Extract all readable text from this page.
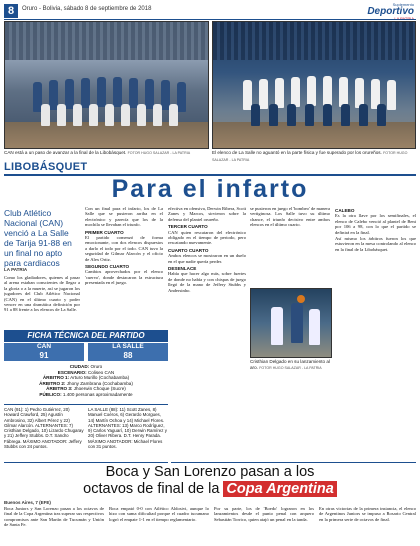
8	Oruro - Bolivia, sábado 8 de septiembre de 2018
Suplemento
Deportivo
CAN está a un paso de avanzar a la final de la Libobásquet. FOTOR HUGO SALAZAR - LA PATRIA	El elenco de La Salle no aguantó en la parte física y fue superado por los orureños. FOTOR HUGO SALAZAR - LA PATRIA
LIBOBÁSQUET
Para el infarto
Club Atlético Nacional (CAN) venció a La Salle de Tarija 91-88 en un final no apto para cardiacos
LA PATRIA

Como los gladiadores, quienes al pasar al arena estaban conscientes de llegar a la gloria o a la muerte, así se jugaron los jugadores del Club Atlético Nacional (CAN) en el último cuarto y poder vencer en una dramática definición por 91 a 88 frente a los elencos de La Salle.

Con un final para el infarto, los de La Salle que se pusieron arriba en el electrónico y parecía que los de la mochila se llevaban el triunfo.

PRIMER CUARTO

El partido comenzó de forma emocionante, con dos elencos dispuestos a darlo el todo por el todo. CAN tuvo la seguridad de Gilmar Alarcón y el oficio de Alex Ortiz.

SEGUNDO CUARTO

Cambios aprovechados por el elenco 'cuervo', donde destacaron la estructura presentada en el juego.

efectiva en ofensiva, Derwin Ribera, Scott Zanes y Marcos, sirvieron sobre la defensa del plantel orureño.

TERCER CUARTO

CAN quien rescataron del electrónico obligado en el tiempo de periodo, pero rescatando nuevamente.

CUARTO CUARTO

Ambos elencos se mostraron en un duelo en el que nadie quería perder.

DESENLACE

Había que hacer algo más, sobre fuertes de donde no había y con chispas de juego llegó de la mano de Jeffery Stubbs y Andersinho.

se pusieron en juego el 'bombeo' de manera vertiginosa. Los Salle tuvo su último chance, el triunfo decisivo entre ambos elencos en el último cuarto.

CALEBO

Es la otra llave por los semifinales, el elenco de Calebo venció al plantel de Beni por 106 a 98, con lo que el partido se definirá en la final.

Así mismo los árbitros fueron los que estuvieron en la mesa controlando al elenco en la final de la Libobásquet.

Cristhian Delgado en su lanzamiento al aro. FOTOR HUGO SALAZAR - LA PATRIA
FICHA TÉCNICA DEL PARTIDO
CAN
91
LA SALLE
88
CIUDAD: Oruro
ESCENARIO: Coliseo CAN
ÁRBITRO 1: Arturo Murillo (Cochabamba)
ÁRBITRO 2: Jhony Zambrana (Cochabamba)
ÁRBITRO 3: Jhoerwin Choque (Sucre)
PÚBLICO: 1.400 personas aproximadamente
CAN (91): 1) Pedro Gutiérrez, 20) Howard Crawford, 25) Agustín Ambrosino, 32) Albert Pérez y 22) Gilmar Alarcón. ALTERNANTES: 7) Cristhian Delgado, 10) Lizardo Chugaray y 21) Jeffery Stubbs. D.T. Sandro Fábrega. MÁXIMO ANOTADOR: Jeffery Stubbs con 24 puntos.
LA SALLE (88): 11) Scott Zanes, 8) Manuel Coéros, 6) Gerardo Morgues, 14) Martín Ochoa y 14) Michael Flores. ALTERNANTES: 13) Marco Rodríguez, 9) Carlos Yaguarí, 10) Derwin Ramírez y 20) Oliver Ribera. D.T. Henry Parada. MÁXIMO ANOTADOR: Michael Flores con 31 puntos.
Boca y San Lorenzo pasan a los
octavos de final de la Copa Argentina
Buenos Aires, 7 (EFE)

Boca Juniors y San Lorenzo pasan a los octavos de final de la Copa Argentina tras superar sus respectivos compromisos ante San Martín de Tucumán y Unión de Santa Fe.

Boca empató 0-0 con Atlético Aldosivi, aunque lo hizo con suma dificultad porque el cuadro tucumano logró el empate 1-1 en el tiempo reglamentario.

Por su parte, los de 'Boedo' lograron en los lanzamientos desde el punto penal con arquero Sebastián Torrico, quien atajó un penal en la tanda.

En otras victorias de la primera instancia, el elenco de Argentinos Juniors se impuso a Rosario Central en la primera serie de octavos de final.
